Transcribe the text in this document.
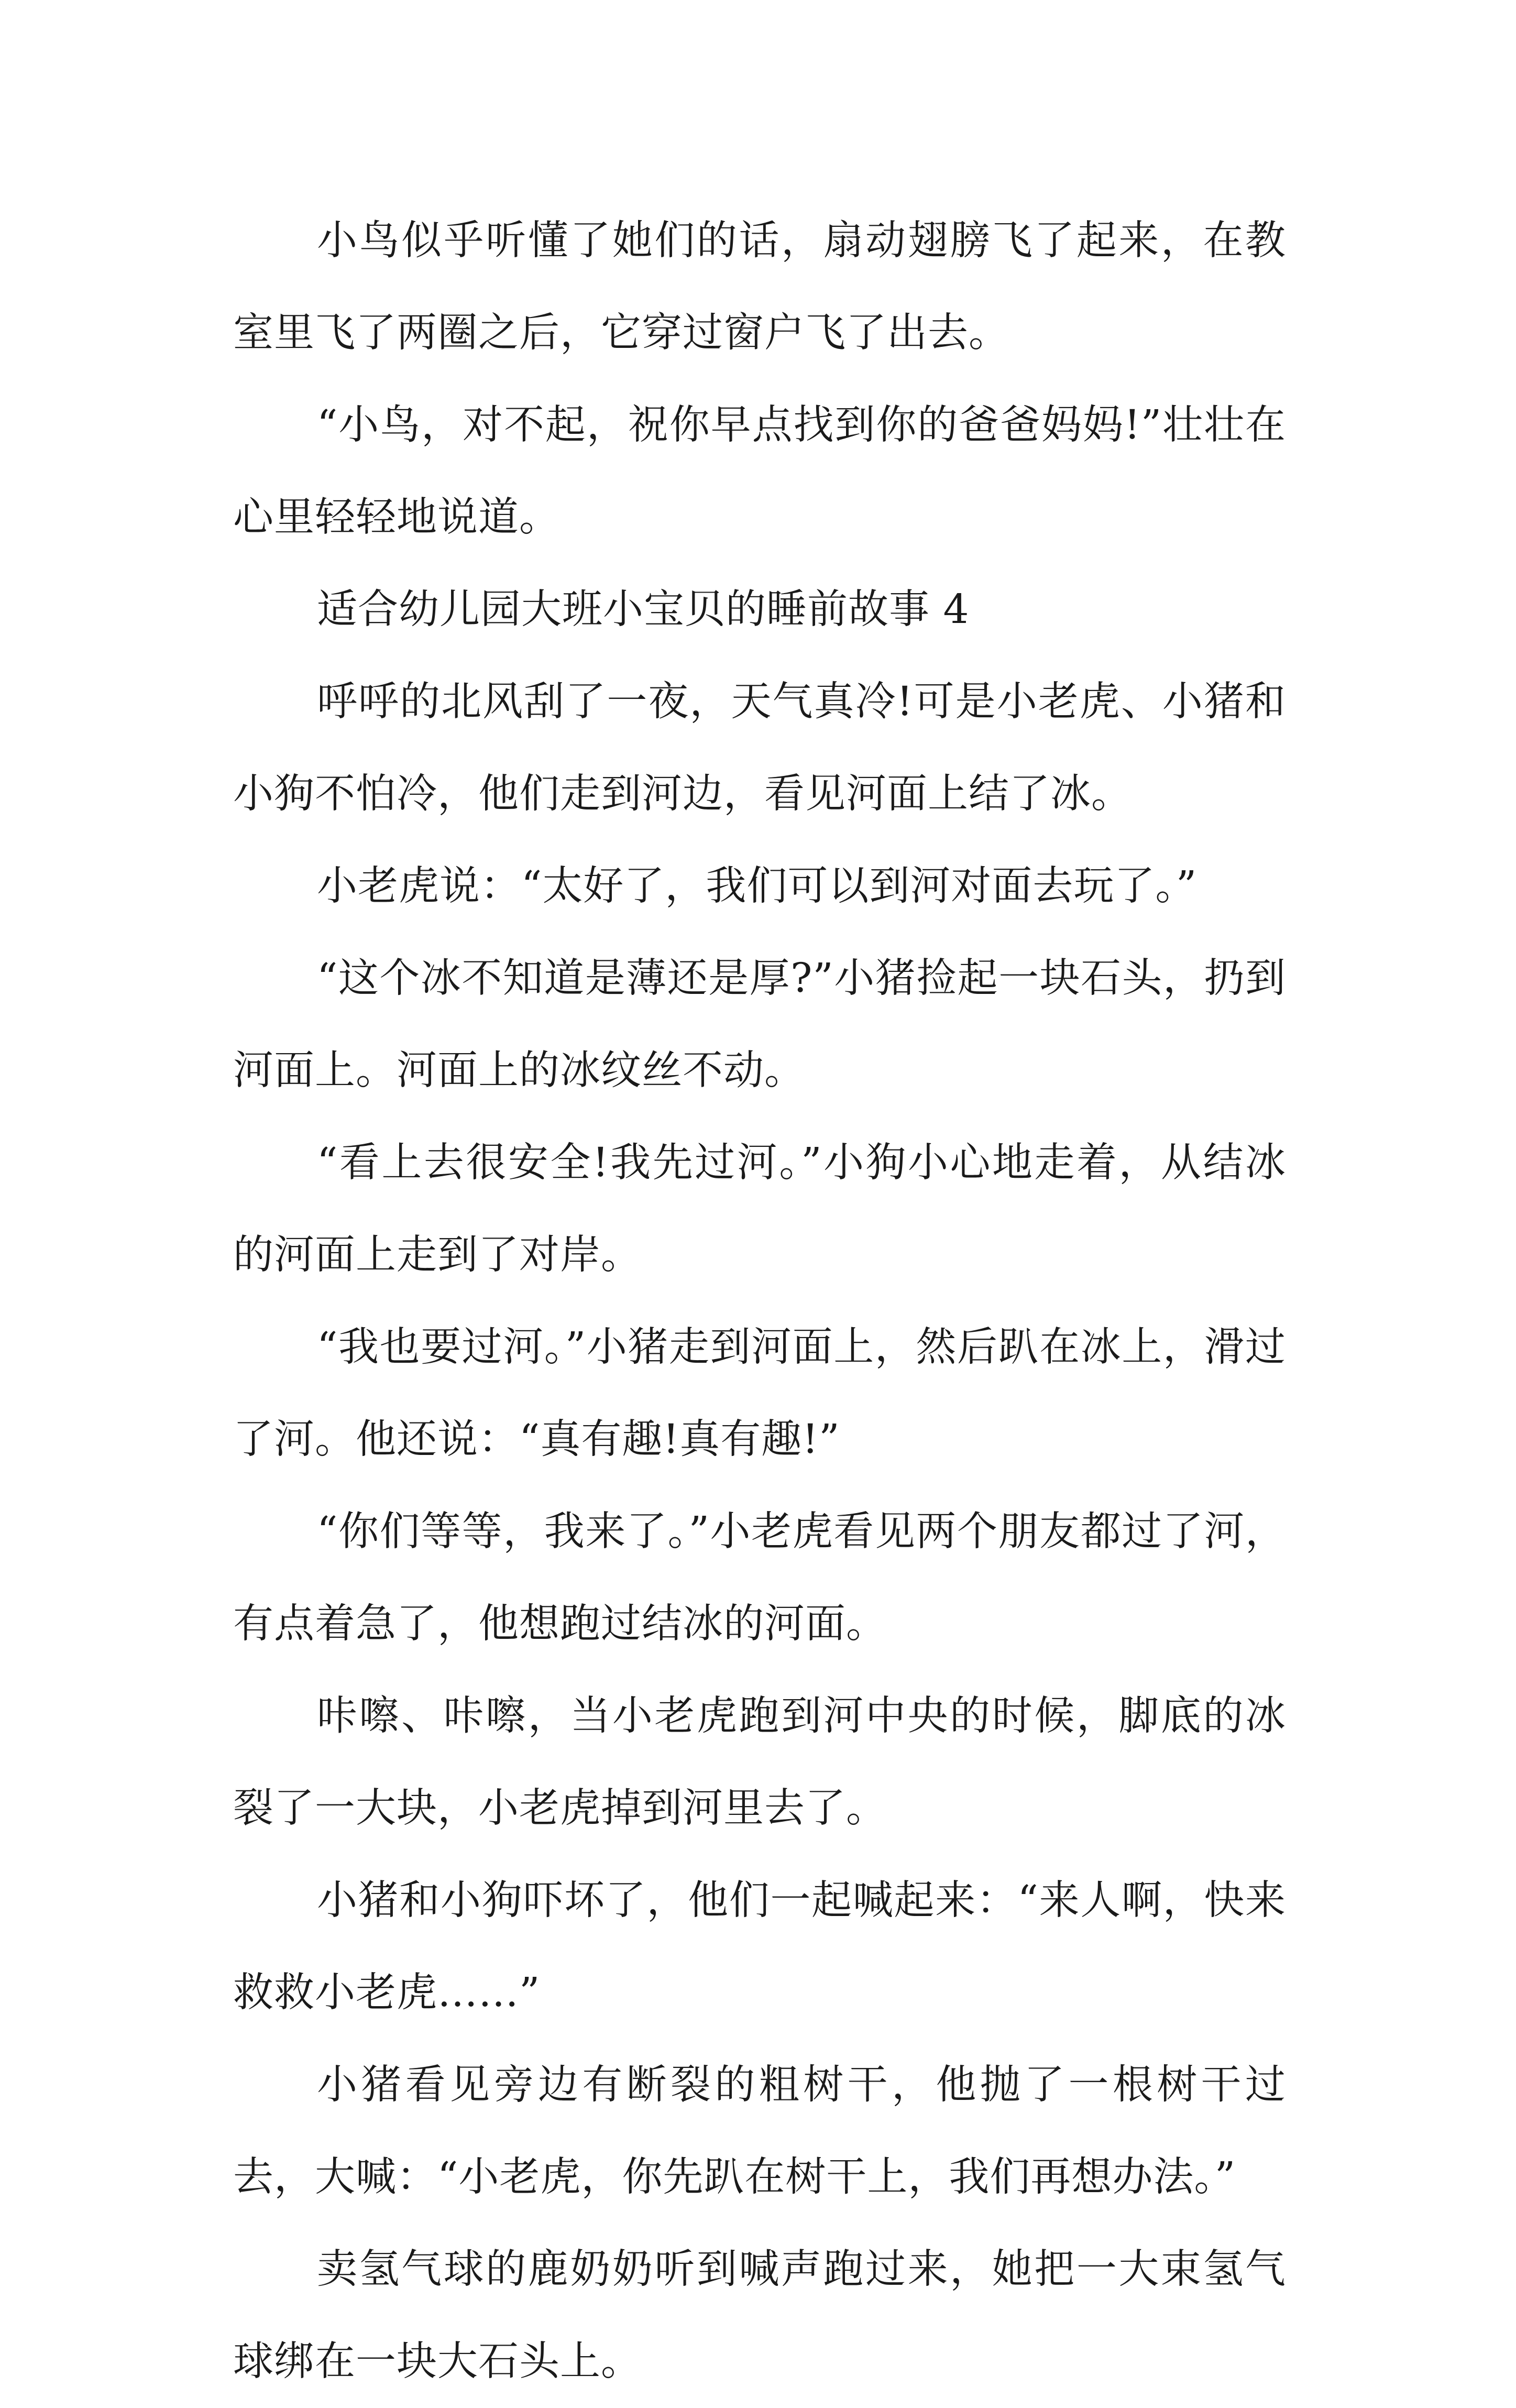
小鸟似乎听懂了她们的话，扇动翅膀飞了起来，在教室里飞了两圈之后，它穿过窗户飞了出去。

“小鸟，对不起，祝你早点找到你的爸爸妈妈!”壮壮在心里轻轻地说道。

适合幼儿园大班小宝贝的睡前故事 4

呼呼的北风刮了一夜，天气真冷!可是小老虎、小猪和小狗不怕冷，他们走到河边，看见河面上结了冰。

小老虎说：“太好了，我们可以到河对面去玩了。”

“这个冰不知道是薄还是厚?”小猪捡起一块石头，扔到河面上。河面上的冰纹丝不动。

“看上去很安全!我先过河。”小狗小心地走着，从结冰的河面上走到了对岸。

“我也要过河。”小猪走到河面上，然后趴在冰上，滑过了河。他还说：“真有趣!真有趣!”

“你们等等，我来了。”小老虎看见两个朋友都过了河，有点着急了，他想跑过结冰的河面。

咔嚓、咔嚓，当小老虎跑到河中央的时候，脚底的冰裂了一大块，小老虎掉到河里去了。

小猪和小狗吓坏了，他们一起喊起来：“来人啊，快来救救小老虎……”

小猪看见旁边有断裂的粗树干，他抛了一根树干过去，大喊：“小老虎，你先趴在树干上，我们再想办法。”

卖氢气球的鹿奶奶听到喊声跑过来，她把一大束氢气球绑在一块大石头上。
